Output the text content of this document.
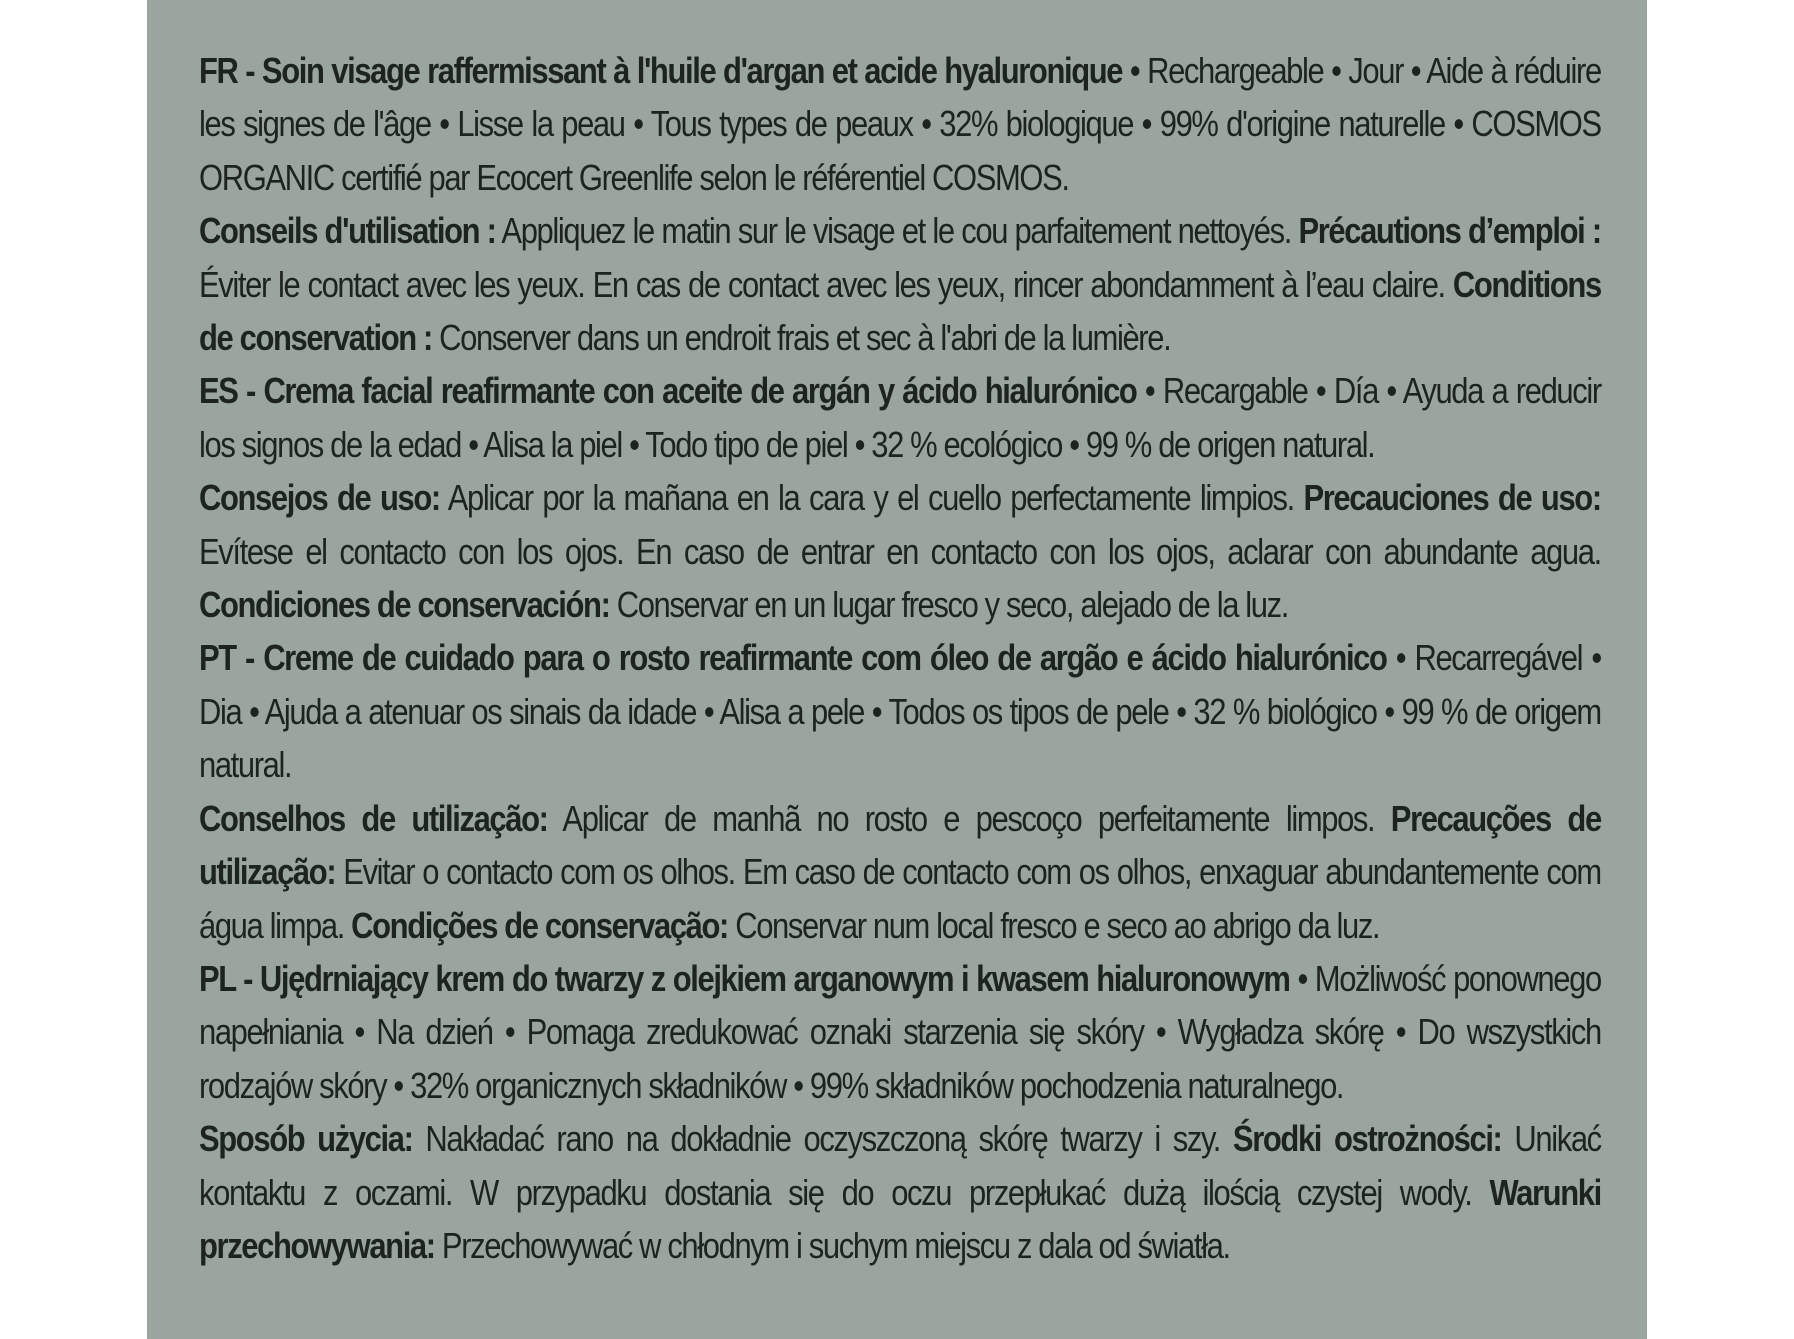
FR - Soin visage raffermissant à l'huile d'argan et acide hyaluronique • Rechargeable • Jour • Aide à réduire les signes de l'âge • Lisse la peau • Tous types de peaux • 32% biologique • 99% d'origine naturelle • COSMOS ORGANIC certifié par Ecocert Greenlife selon le référentiel COSMOS.

Conseils d'utilisation : Appliquez le matin sur le visage et le cou parfaitement nettoyés. Précautions d’emploi : Éviter le contact avec les yeux. En cas de contact avec les yeux, rincer abondamment à l’eau claire. Conditions de conservation : Conserver dans un endroit frais et sec à l'abri de la lumière.

ES - Crema facial reafirmante con aceite de argán y ácido hialurónico • Recargable • Día • Ayuda a reducir los signos de la edad • Alisa la piel • Todo tipo de piel • 32 % ecológico • 99 % de origen natural.

Consejos de uso: Aplicar por la mañana en la cara y el cuello perfectamente limpios. Precauciones de uso: Evítese el contacto con los ojos. En caso de entrar en contacto con los ojos, aclarar con abundante agua. Condiciones de conservación: Conservar en un lugar fresco y seco, alejado de la luz.

PT - Creme de cuidado para o rosto reafirmante com óleo de argão e ácido hialurónico • Recarregável • Dia • Ajuda a atenuar os sinais da idade • Alisa a pele • Todos os tipos de pele • 32 % biológico • 99 % de origem natural.

Conselhos de utilização: Aplicar de manhã no rosto e pescoço perfeitamente limpos. Precauções de utilização: Evitar o contacto com os olhos. Em caso de contacto com os olhos, enxaguar abundantemente com água limpa. Condições de conservação: Conservar num local fresco e seco ao abrigo da luz.

PL - Ujędrniający krem do twarzy z olejkiem arganowym i kwasem hialuronowym • Możliwość ponownego napełniania • Na dzień • Pomaga zredukować oznaki starzenia się skóry • Wygładza skórę • Do wszystkich rodzajów skóry • 32% organicznych składników • 99% składników pochodzenia naturalnego.

Sposób użycia: Nakładać rano na dokładnie oczyszczoną skórę twarzy i szy. Środki ostrożności: Unikać kontaktu z oczami. W przypadku dostania się do oczu przepłukać dużą ilością czystej wody. Warunki przechowywania: Przechowywać w chłodnym i suchym miejscu z dala od światła.
